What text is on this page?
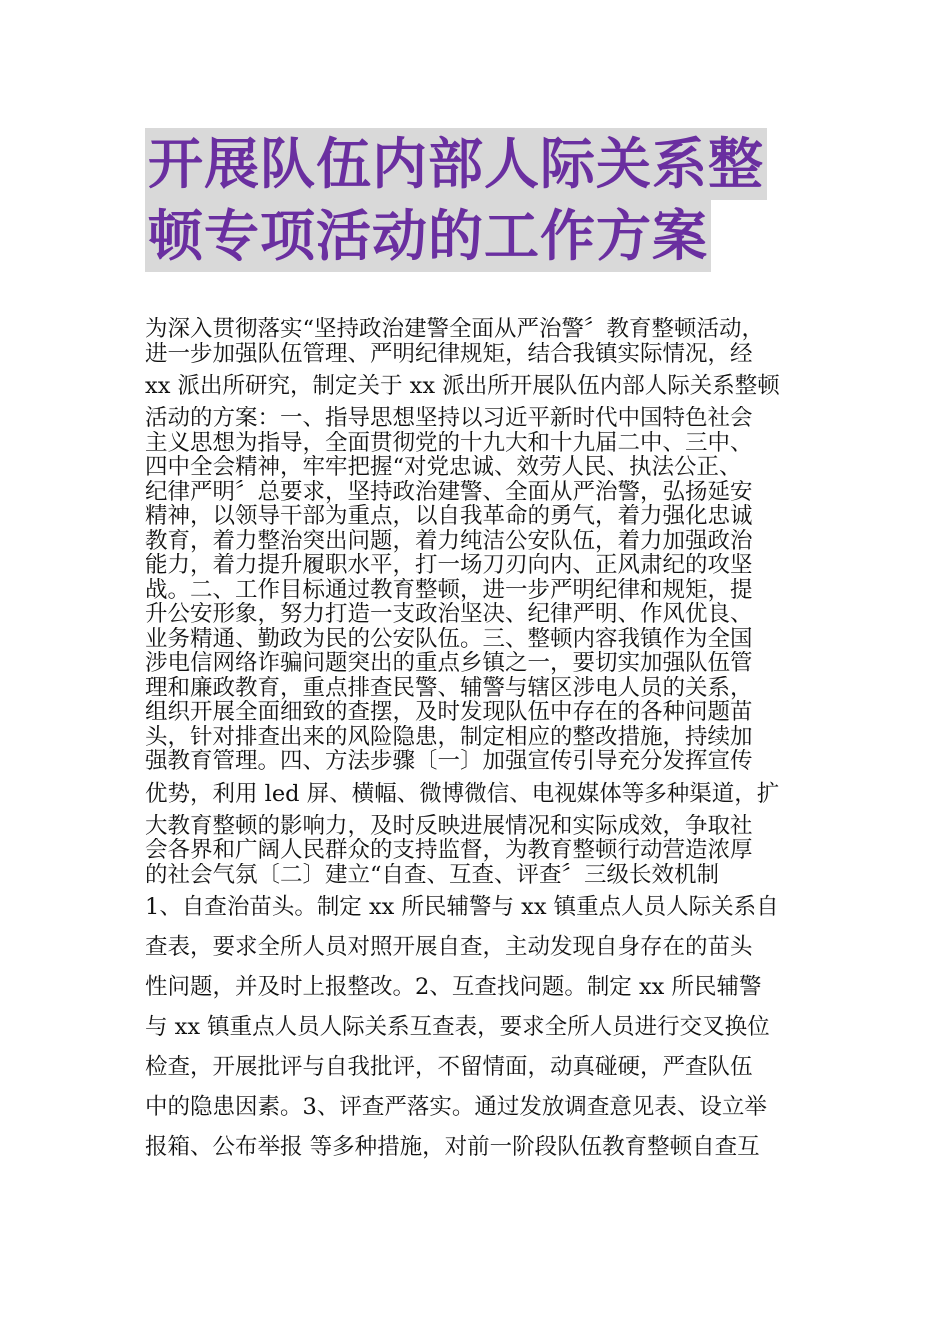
开展队伍内部人际关系整
顿专项活动的工作方案
为深入贯彻落实“坚持政治建警全面从严治警〞教育整顿活动，
进一步加强队伍管理、严明纪律规矩，结合我镇实际情况，经
xx 派出所研究，制定关于 xx 派出所开展队伍内部人际关系整顿
活动的方案：一、指导思想坚持以习近平新时代中国特色社会
主义思想为指导，全面贯彻党的十九大和十九届二中、三中、
四中全会精神，牢牢把握“对党忠诚、效劳人民、执法公正、
纪律严明〞总要求，坚持政治建警、全面从严治警，弘扬延安
精神，以领导干部为重点，以自我革命的勇气，着力强化忠诚
教育，着力整治突出问题，着力纯洁公安队伍，着力加强政治
能力，着力提升履职水平，打一场刀刃向内、正风肃纪的攻坚
战。二、工作目标通过教育整顿，进一步严明纪律和规矩，提
升公安形象，努力打造一支政治坚决、纪律严明、作风优良、
业务精通、勤政为民的公安队伍。三、整顿内容我镇作为全国
涉电信网络诈骗问题突出的重点乡镇之一，要切实加强队伍管
理和廉政教育，重点排查民警、辅警与辖区涉电人员的关系，
组织开展全面细致的查摆，及时发现队伍中存在的各种问题苗
头，针对排查出来的风险隐患，制定相应的整改措施，持续加
强教育管理。四、方法步骤〔一〕加强宣传引导充分发挥宣传
优势，利用 led 屏、横幅、微博微信、电视媒体等多种渠道，扩
大教育整顿的影响力，及时反映进展情况和实际成效，争取社
会各界和广阔人民群众的支持监督，为教育整顿行动营造浓厚
的社会气氛〔二〕建立“自查、互查、评查〞三级长效机制
1、自查治苗头。制定 xx 所民辅警与 xx 镇重点人员人际关系自
查表，要求全所人员对照开展自查，主动发现自身存在的苗头
性问题，并及时上报整改。2、互查找问题。制定 xx 所民辅警
与 xx 镇重点人员人际关系互查表，要求全所人员进行交叉换位
检查，开展批评与自我批评，不留情面，动真碰硬，严查队伍
中的隐患因素。3、评查严落实。通过发放调查意见表、设立举
报箱、公布举报 等多种措施，对前一阶段队伍教育整顿自查互
